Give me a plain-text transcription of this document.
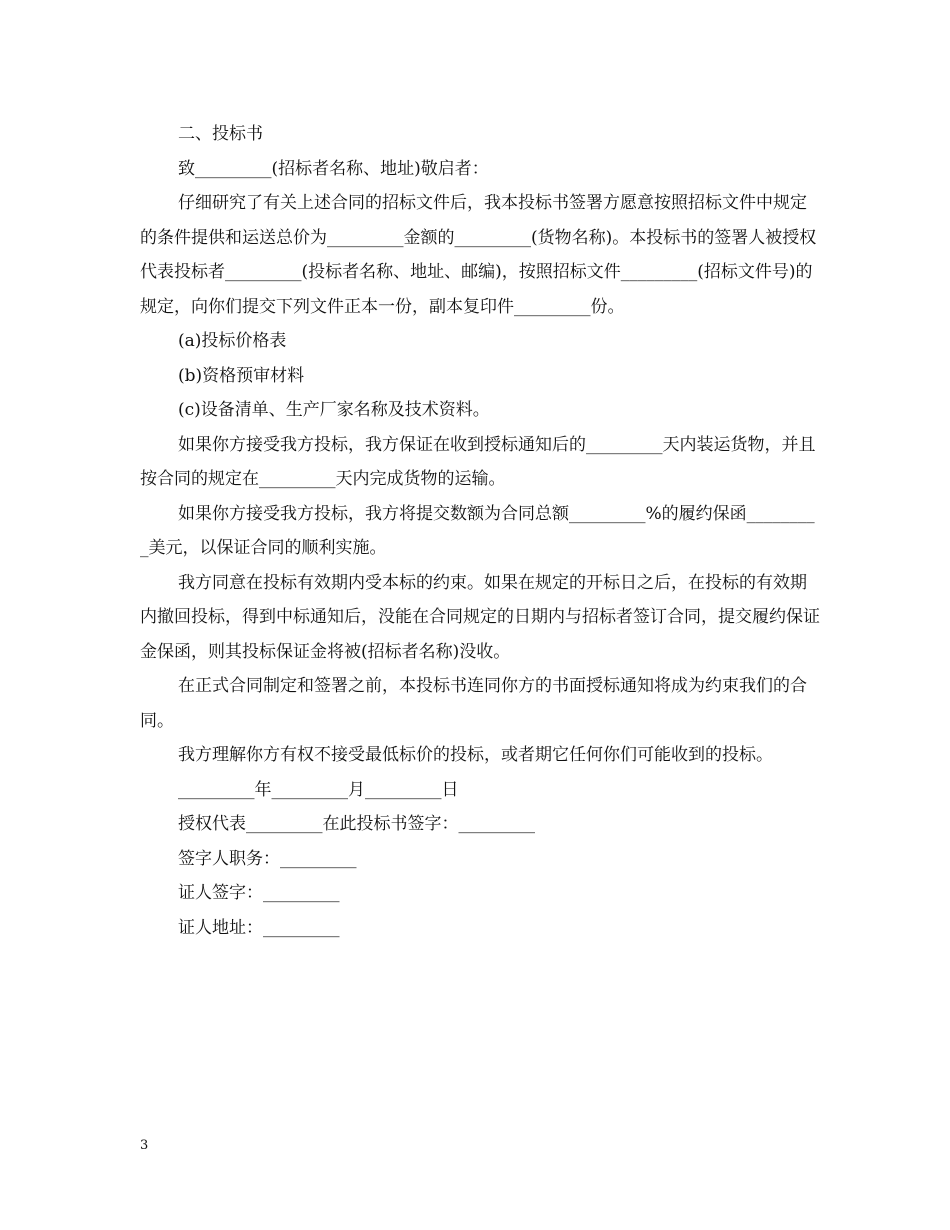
二、投标书

致_________(招标者名称、地址)敬启者：

仔细研究了有关上述合同的招标文件后，我本投标书签署方愿意按照招标文件中规定的条件提供和运送总价为_________金额的_________(货物名称)。本投标书的签署人被授权代表投标者_________(投标者名称、地址、邮编)，按照招标文件_________(招标文件号)的规定，向你们提交下列文件正本一份，副本复印件_________份。

(a)投标价格表

(b)资格预审材料

(c)设备清单、生产厂家名称及技术资料。

如果你方接受我方投标，我方保证在收到授标通知后的_________天内装运货物，并且按合同的规定在_________天内完成货物的运输。

如果你方接受我方投标，我方将提交数额为合同总额_________%的履约保函_________美元，以保证合同的顺利实施。

我方同意在投标有效期内受本标的约束。如果在规定的开标日之后，在投标的有效期内撤回投标，得到中标通知后，没能在合同规定的日期内与招标者签订合同，提交履约保证金保函，则其投标保证金将被(招标者名称)没收。

在正式合同制定和签署之前，本投标书连同你方的书面授标通知将成为约束我们的合同。

我方理解你方有权不接受最低标价的投标，或者期它任何你们可能收到的投标。

_________年_________月_________日

授权代表_________在此投标书签字：_________

签字人职务：_________

证人签字：_________

证人地址：_________

3
